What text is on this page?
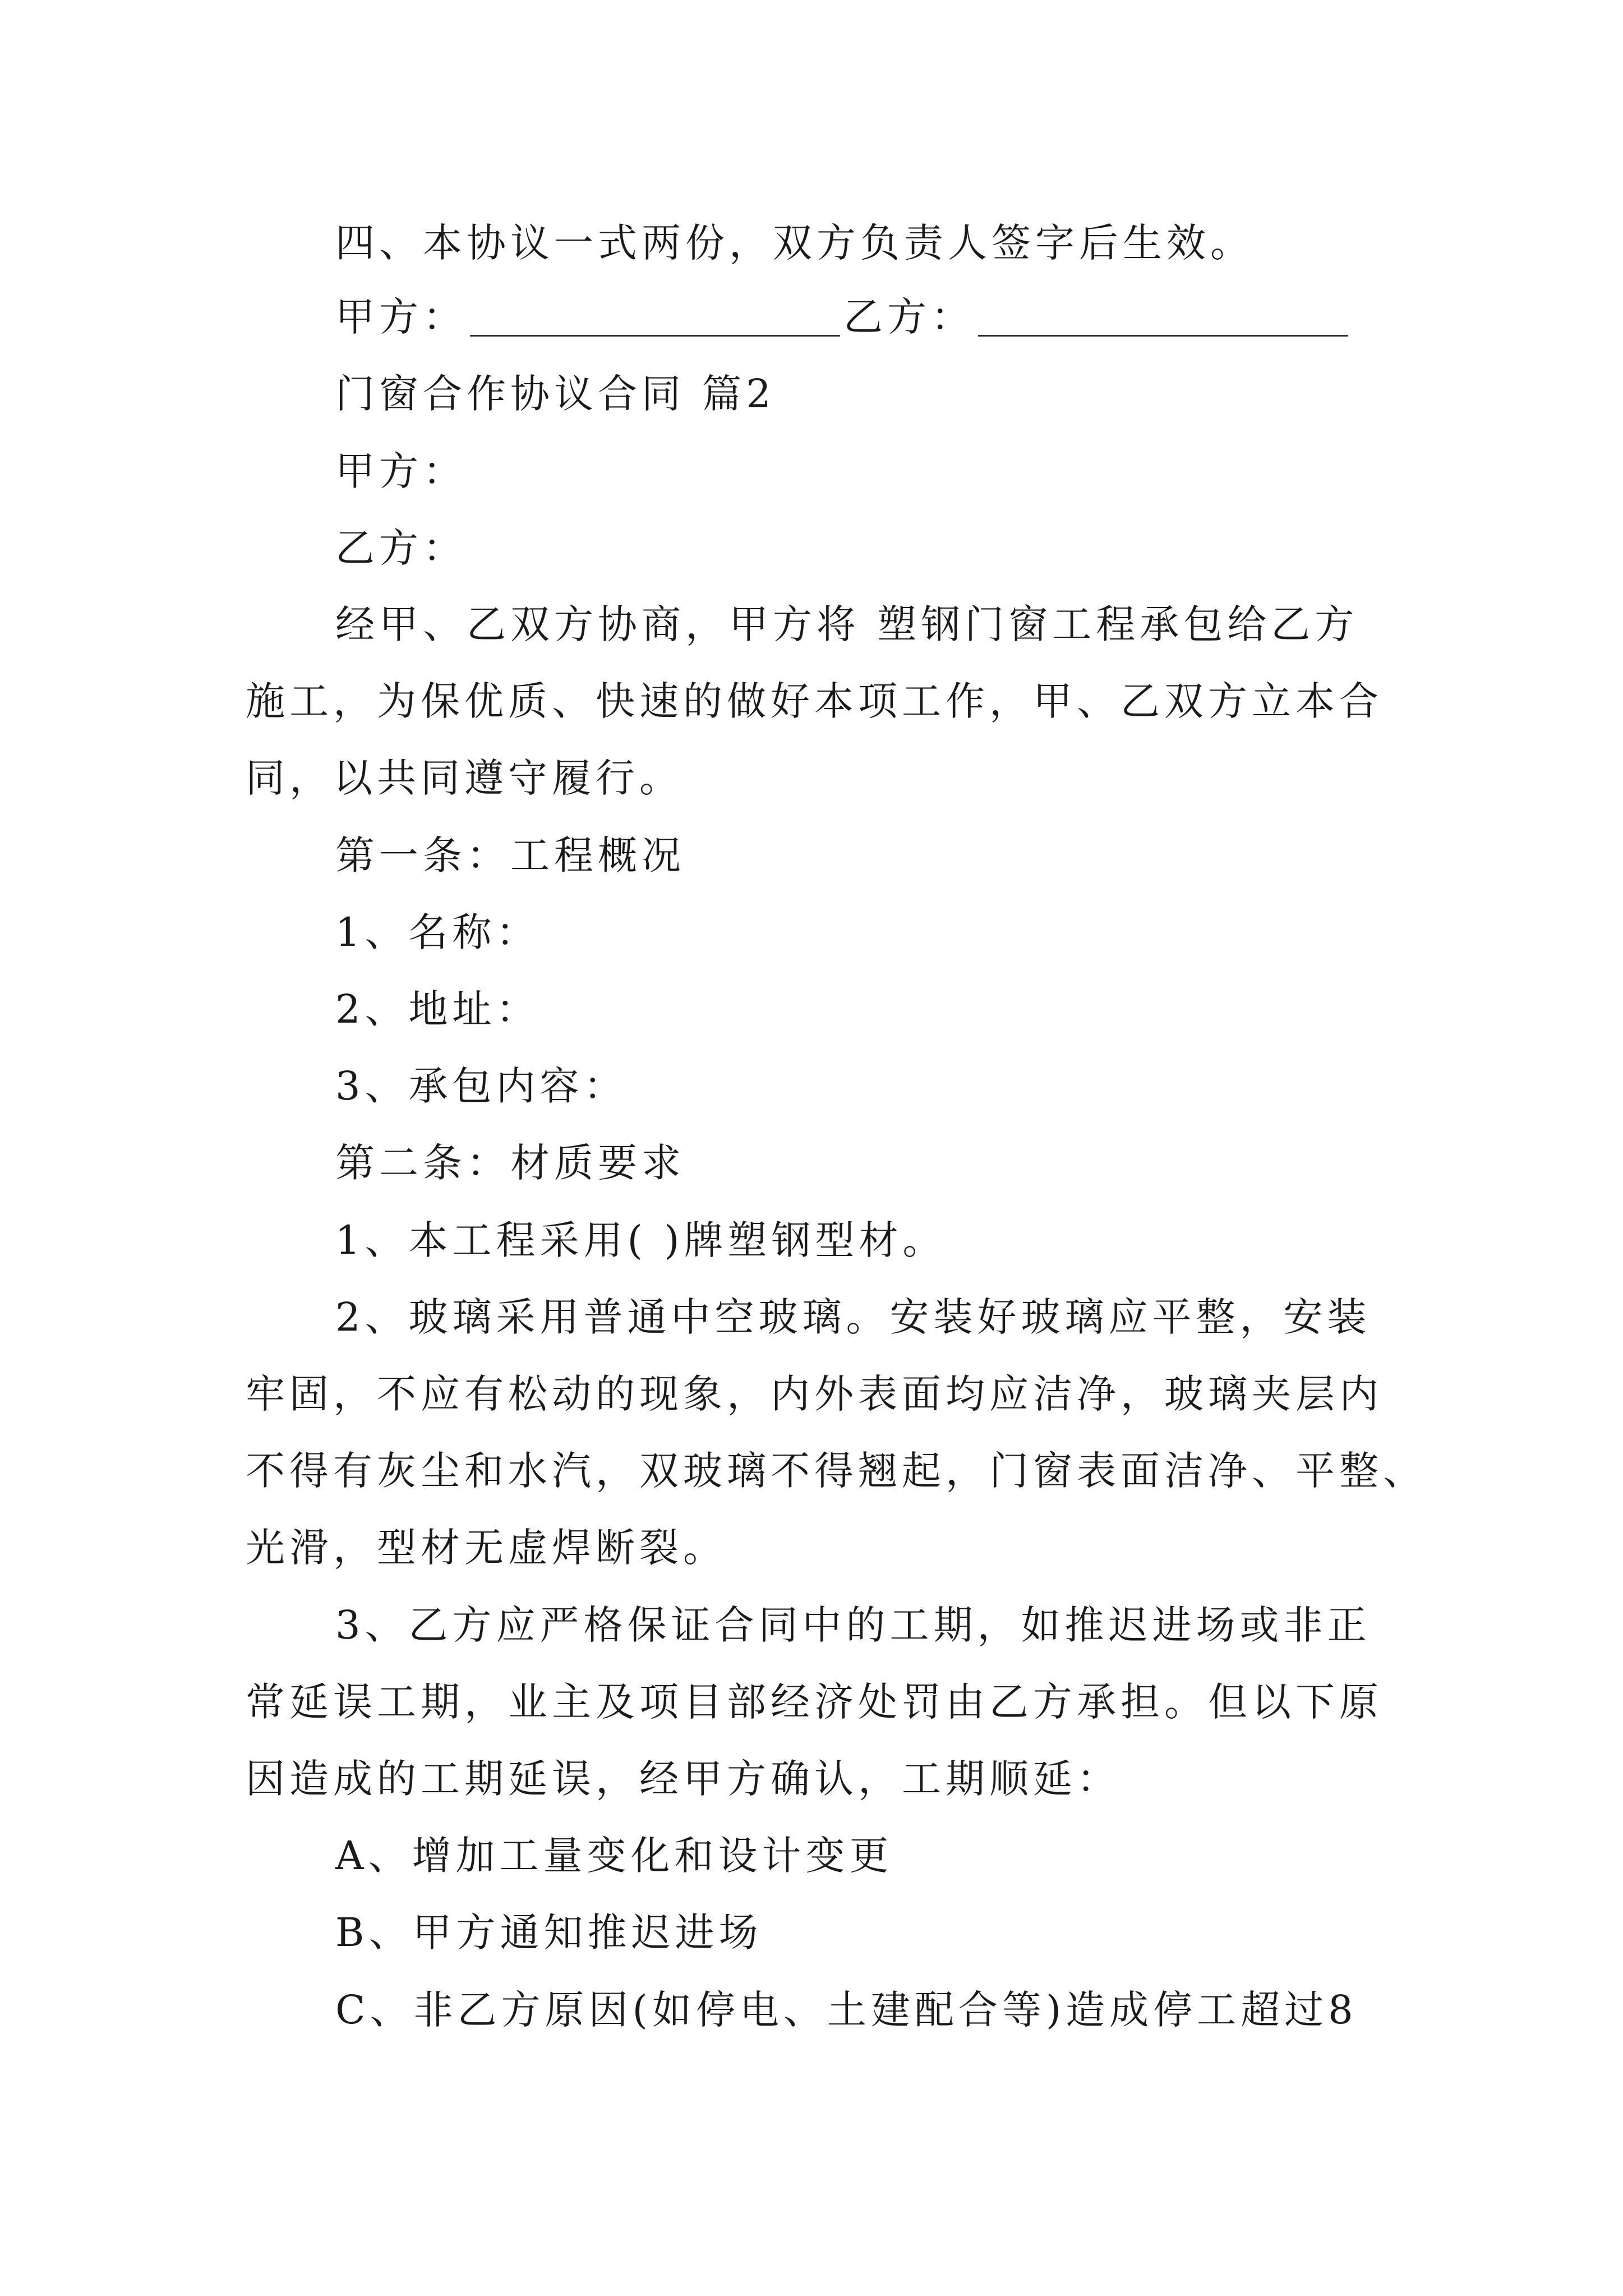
四、本协议一式两份，双方负责人签字后生效。
甲方：	乙方：
门窗合作协议合同 篇2
甲方：
乙方：
经甲、乙双方协商，甲方将 塑钢门窗工程承包给乙方
施工，为保优质、快速的做好本项工作，甲、乙双方立本合
同，以共同遵守履行。
第一条：工程概况
1、名称：
2、地址：
3、承包内容：
第二条：材质要求
1、本工程采用( )牌塑钢型材。
2、玻璃采用普通中空玻璃。安装好玻璃应平整，安装
牢固，不应有松动的现象，内外表面均应洁净，玻璃夹层内
不得有灰尘和水汽，双玻璃不得翘起，门窗表面洁净、平整、
光滑，型材无虚焊断裂。
3、乙方应严格保证合同中的工期，如推迟进场或非正
常延误工期，业主及项目部经济处罚由乙方承担。但以下原
因造成的工期延误，经甲方确认，工期顺延：
A、增加工量变化和设计变更
B、甲方通知推迟进场
C、非乙方原因(如停电、土建配合等)造成停工超过8
